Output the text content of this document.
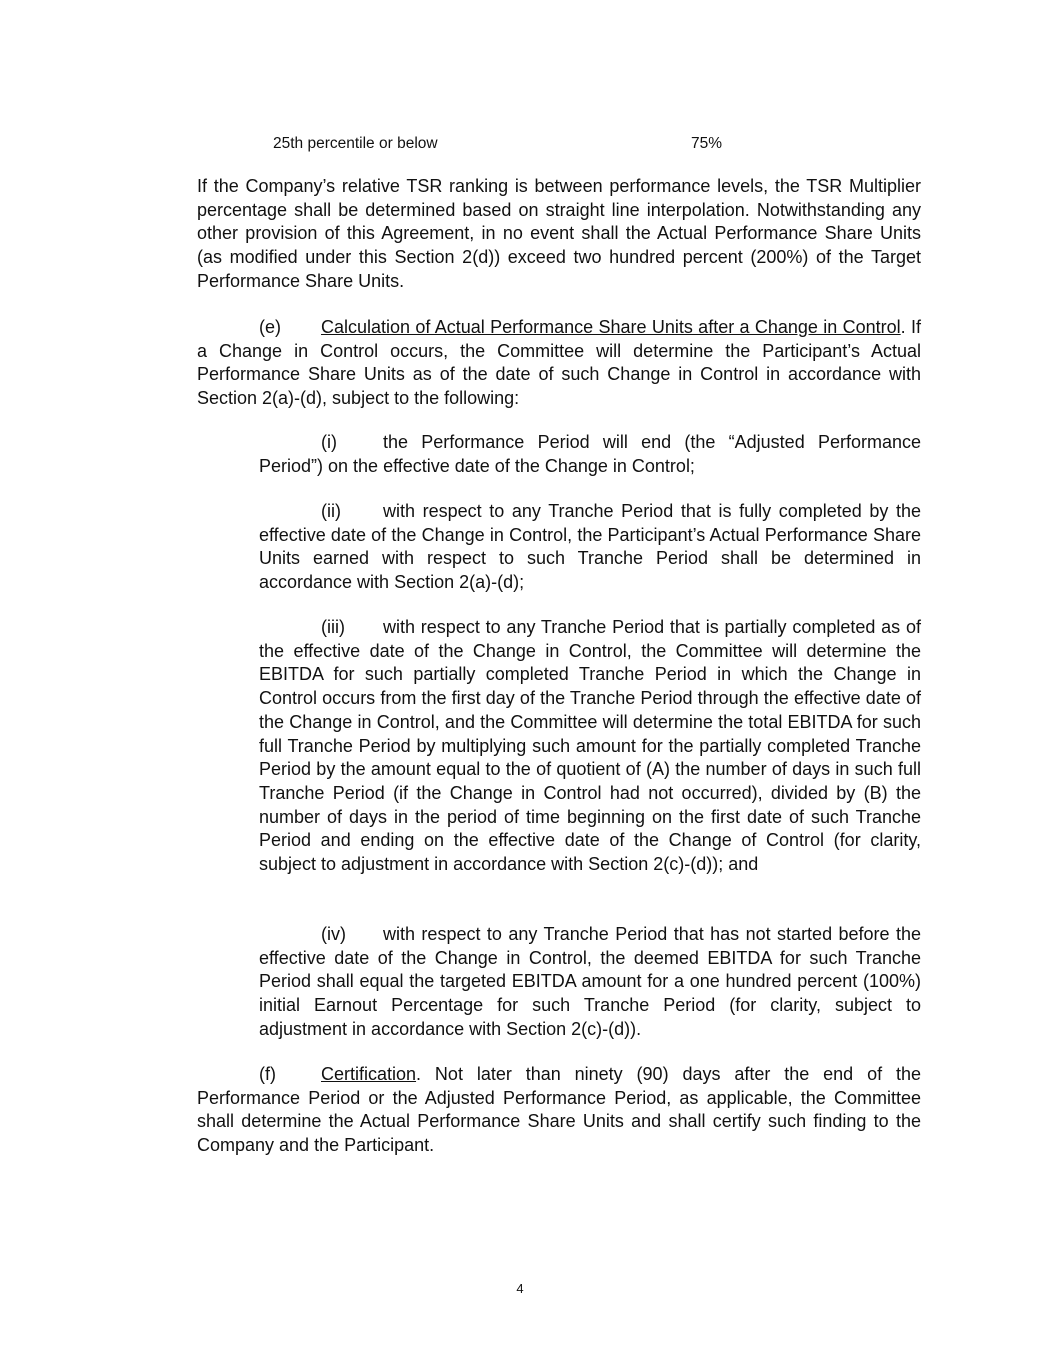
25th percentile or below	75%

If the Company’s relative TSR ranking is between performance levels, the TSR Multiplier percentage shall be determined based on straight line interpolation. Notwithstanding any other provision of this Agreement, in no event shall the Actual Performance Share Units (as modified under this Section 2(d)) exceed two hundred percent (200%) of the Target Performance Share Units.

(e) Calculation of Actual Performance Share Units after a Change in Control. If a Change in Control occurs, the Committee will determine the Participant’s Actual Performance Share Units as of the date of such Change in Control in accordance with Section 2(a)-(d), subject to the following:

(i)	the Performance Period will end (the “Adjusted Performance Period”) on the effective date of the Change in Control;

(ii) with respect to any Tranche Period that is fully completed by the effective date of the Change in Control, the Participant’s Actual Performance Share Units earned with respect to such Tranche Period shall be determined in accordance with Section 2(a)-(d);

(iii) with respect to any Tranche Period that is partially completed as of the effective date of the Change in Control, the Committee will determine the EBITDA for such partially completed Tranche Period in which the Change in Control occurs from the first day of the Tranche Period through the effective date of the Change in Control, and the Committee will determine the total EBITDA for such full Tranche Period by multiplying such amount for the partially completed Tranche Period by the amount equal to the of quotient of (A) the number of days in such full Tranche Period (if the Change in Control had not occurred), divided by (B) the number of days in the period of time beginning on the first date of such Tranche Period and ending on the effective date of the Change of Control (for clarity, subject to adjustment in accordance with Section 2(c)-(d)); and

(iv) with respect to any Tranche Period that has not started before the effective date of the Change in Control, the deemed EBITDA for such Tranche Period shall equal the targeted EBITDA amount for a one hundred percent (100%) initial Earnout Percentage for such Tranche Period (for clarity, subject to adjustment in accordance with Section 2(c)-(d)).

(f)	Certification. Not later than ninety (90) days after the end of the Performance Period or the Adjusted Performance Period, as applicable, the Committee shall determine the Actual Performance Share Units and shall certify such finding to the Company and the Participant.

4
